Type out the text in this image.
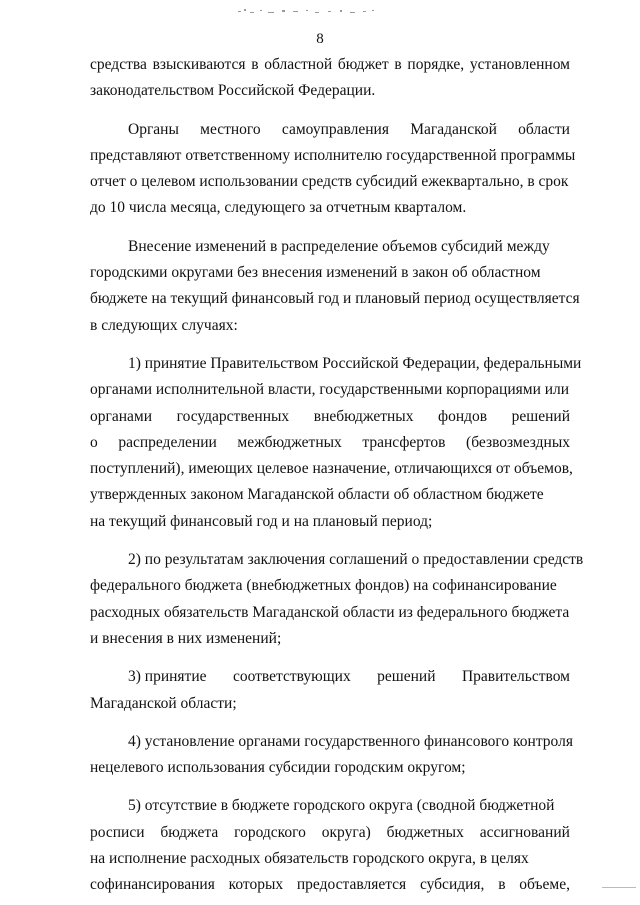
8
средства взыскиваются в областной бюджет в порядке, установленном
законодательством Российской Федерации.
Органы местного самоуправления Магаданской области
представляют ответственному исполнителю государственной программы
отчет о целевом использовании средств субсидий ежеквартально, в срок
до 10 числа месяца, следующего за отчетным кварталом.
Внесение изменений в распределение объемов субсидий между
городскими округами без внесения изменений в закон об областном
бюджете на текущий финансовый год и плановый период осуществляется
в следующих случаях:
1) принятие Правительством Российской Федерации, федеральными
органами исполнительной власти, государственными корпорациями или
органами государственных внебюджетных фондов решений
о распределении межбюджетных трансфертов (безвозмездных
поступлений), имеющих целевое назначение, отличающихся от объемов,
утвержденных законом Магаданской области об областном бюджете
на текущий финансовый год и на плановый период;
2) по результатам заключения соглашений о предоставлении средств
федерального бюджета (внебюджетных фондов) на софинансирование
расходных обязательств Магаданской области из федерального бюджета
и внесения в них изменений;
3) принятие соответствующих решений Правительством
Магаданской области;
4) установление органами государственного финансового контроля
нецелевого использования субсидии городским округом;
5) отсутствие в бюджете городского округа (сводной бюджетной
росписи бюджета городского округа) бюджетных ассигнований
на исполнение расходных обязательств городского округа, в целях
софинансирования которых предоставляется субсидия, в объеме,
